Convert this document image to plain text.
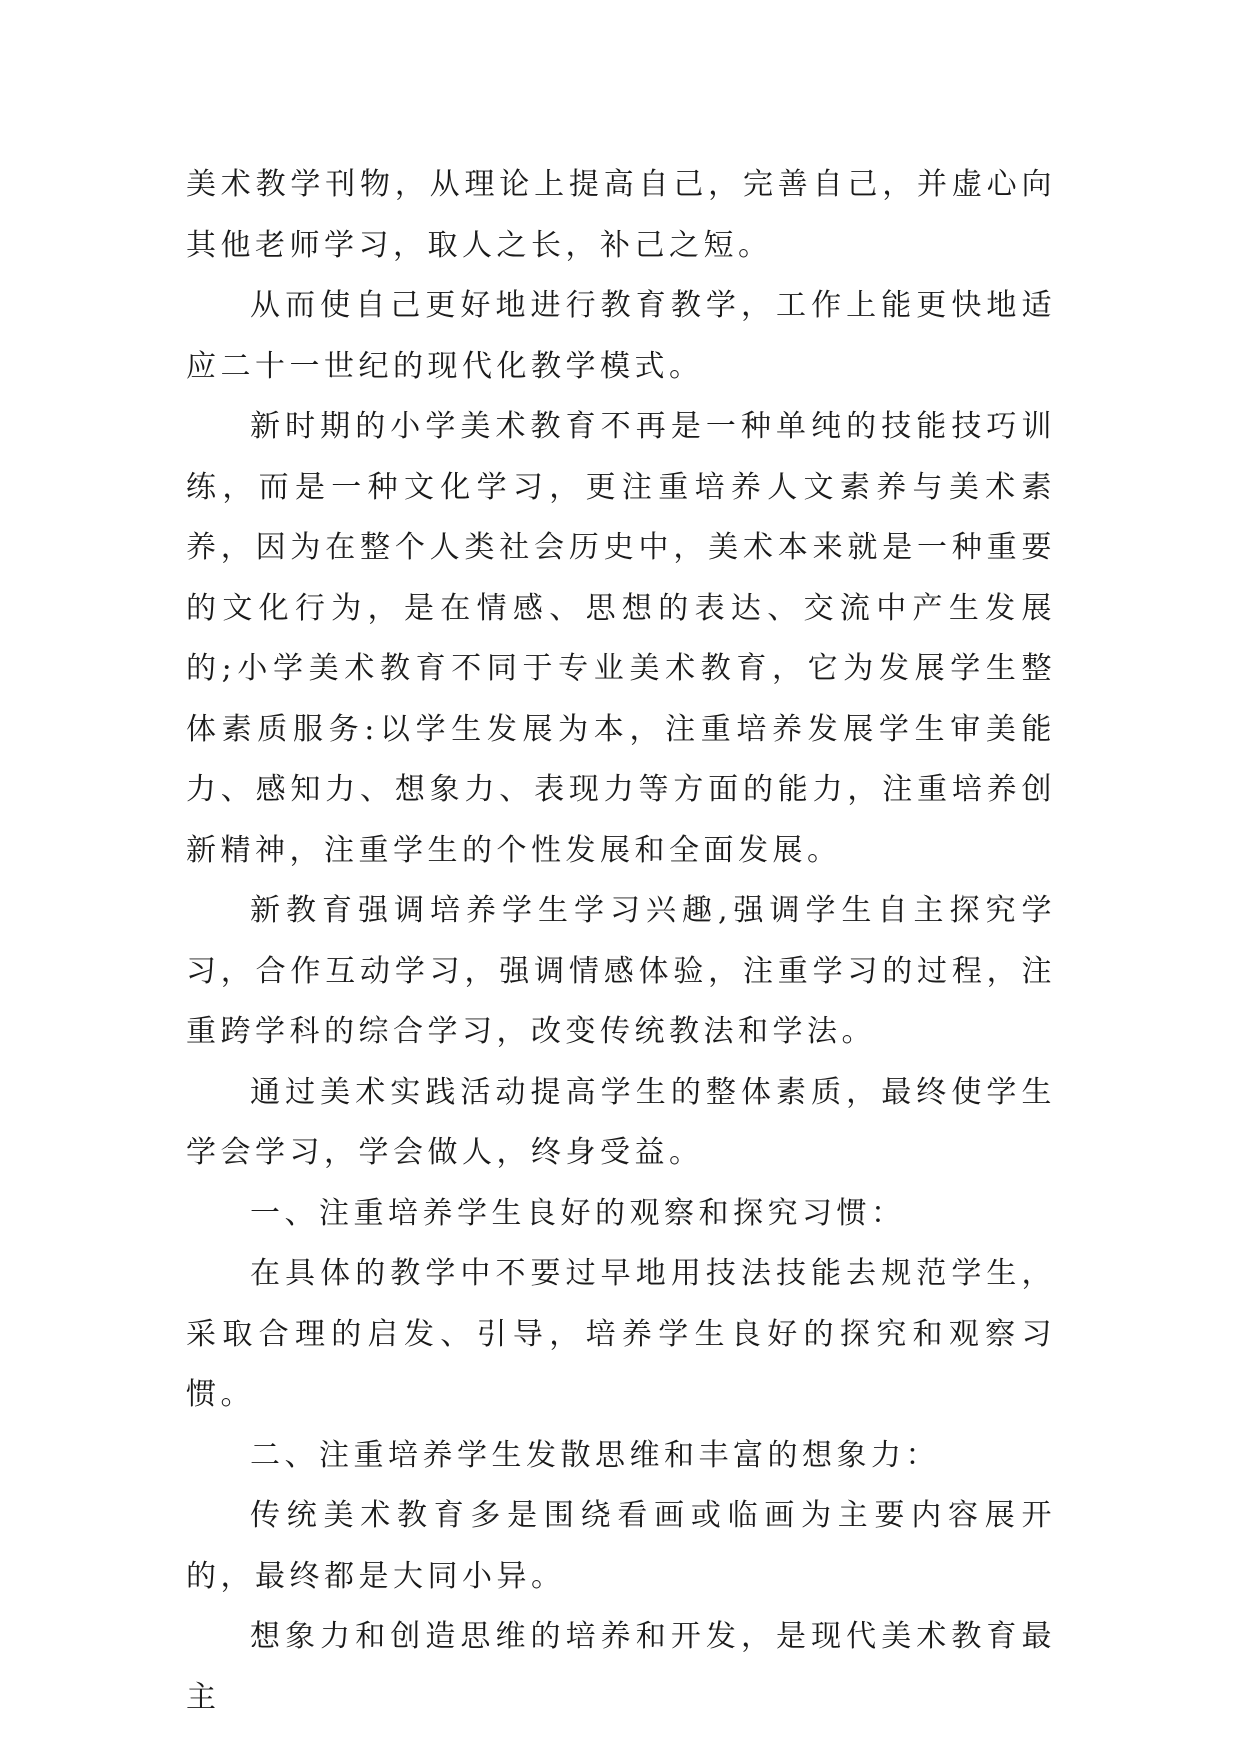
美术教学刊物，从理论上提高自己，完善自己，并虚心向其他老师学习，取人之长，补己之短。

从而使自己更好地进行教育教学，工作上能更快地适应二十一世纪的现代化教学模式。

新时期的小学美术教育不再是一种单纯的技能技巧训练，而是一种文化学习，更注重培养人文素养与美术素养，因为在整个人类社会历史中，美术本来就是一种重要的文化行为，是在情感、思想的表达、交流中产生发展的;小学美术教育不同于专业美术教育，它为发展学生整体素质服务:以学生发展为本，注重培养发展学生审美能力、感知力、想象力、表现力等方面的能力，注重培养创新精神，注重学生的个性发展和全面发展。

新教育强调培养学生学习兴趣,强调学生自主探究学习，合作互动学习，强调情感体验，注重学习的过程，注重跨学科的综合学习，改变传统教法和学法。

通过美术实践活动提高学生的整体素质，最终使学生学会学习，学会做人，终身受益。

一、注重培养学生良好的观察和探究习惯：

在具体的教学中不要过早地用技法技能去规范学生，采取合理的启发、引导，培养学生良好的探究和观察习惯。

二、注重培养学生发散思维和丰富的想象力：

传统美术教育多是围绕看画或临画为主要内容展开的，最终都是大同小异。

想象力和创造思维的培养和开发，是现代美术教育最主
